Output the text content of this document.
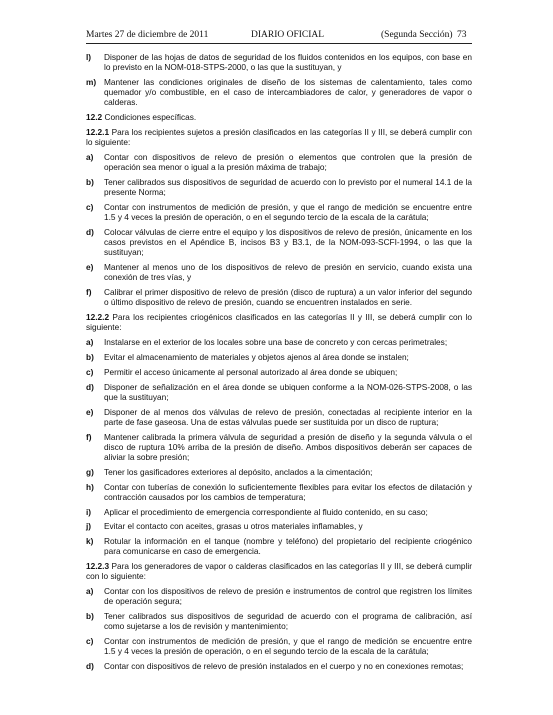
Martes 27 de diciembre de 2011	DIARIO OFICIAL	(Segunda Sección) 73
l)	Disponer de las hojas de datos de seguridad de los fluidos contenidos en los equipos, con base en lo previsto en la NOM-018-STPS-2000, o las que la sustituyan, y
m) Mantener las condiciones originales de diseño de los sistemas de calentamiento, tales como quemador y/o combustible, en el caso de intercambiadores de calor, y generadores de vapor o calderas.
12.2 Condiciones específicas.
12.2.1 Para los recipientes sujetos a presión clasificados en las categorías II y III, se deberá cumplir con lo siguiente:
a)	Contar con dispositivos de relevo de presión o elementos que controlen que la presión de operación sea menor o igual a la presión máxima de trabajo;
b)	Tener calibrados sus dispositivos de seguridad de acuerdo con lo previsto por el numeral 14.1 de la presente Norma;
c)	Contar con instrumentos de medición de presión, y que el rango de medición se encuentre entre 1.5 y 4 veces la presión de operación, o en el segundo tercio de la escala de la carátula;
d)	Colocar válvulas de cierre entre el equipo y los dispositivos de relevo de presión, únicamente en los casos previstos en el Apéndice B, incisos B3 y B3.1, de la NOM-093-SCFI-1994, o las que la sustituyan;
e)	Mantener al menos uno de los dispositivos de relevo de presión en servicio, cuando exista una conexión de tres vías, y
f)	Calibrar el primer dispositivo de relevo de presión (disco de ruptura) a un valor inferior del segundo o último dispositivo de relevo de presión, cuando se encuentren instalados en serie.
12.2.2 Para los recipientes criogénicos clasificados en las categorías II y III, se deberá cumplir con lo siguiente:
a)	Instalarse en el exterior de los locales sobre una base de concreto y con cercas perimetrales;
b)	Evitar el almacenamiento de materiales y objetos ajenos al área donde se instalen;
c)	Permitir el acceso únicamente al personal autorizado al área donde se ubiquen;
d)	Disponer de señalización en el área donde se ubiquen conforme a la NOM-026-STPS-2008, o las que la sustituyan;
e)	Disponer de al menos dos válvulas de relevo de presión, conectadas al recipiente interior en la parte de fase gaseosa. Una de estas válvulas puede ser sustituida por un disco de ruptura;
f)	Mantener calibrada la primera válvula de seguridad a presión de diseño y la segunda válvula o el disco de ruptura 10% arriba de la presión de diseño. Ambos dispositivos deberán ser capaces de aliviar la sobre presión;
g)	Tener los gasificadores exteriores al depósito, anclados a la cimentación;
h)	Contar con tuberías de conexión lo suficientemente flexibles para evitar los efectos de dilatación y contracción causados por los cambios de temperatura;
i)	Aplicar el procedimiento de emergencia correspondiente al fluido contenido, en su caso;
j)	Evitar el contacto con aceites, grasas u otros materiales inflamables, y
k)	Rotular la información en el tanque (nombre y teléfono) del propietario del recipiente criogénico para comunicarse en caso de emergencia.
12.2.3 Para los generadores de vapor o calderas clasificados en las categorías II y III, se deberá cumplir con lo siguiente:
a)	Contar con los dispositivos de relevo de presión e instrumentos de control que registren los límites de operación segura;
b)	Tener calibrados sus dispositivos de seguridad de acuerdo con el programa de calibración, así como sujetarse a los de revisión y mantenimiento;
c)	Contar con instrumentos de medición de presión, y que el rango de medición se encuentre entre 1.5 y 4 veces la presión de operación, o en el segundo tercio de la escala de la carátula;
d)	Contar con dispositivos de relevo de presión instalados en el cuerpo y no en conexiones remotas;
